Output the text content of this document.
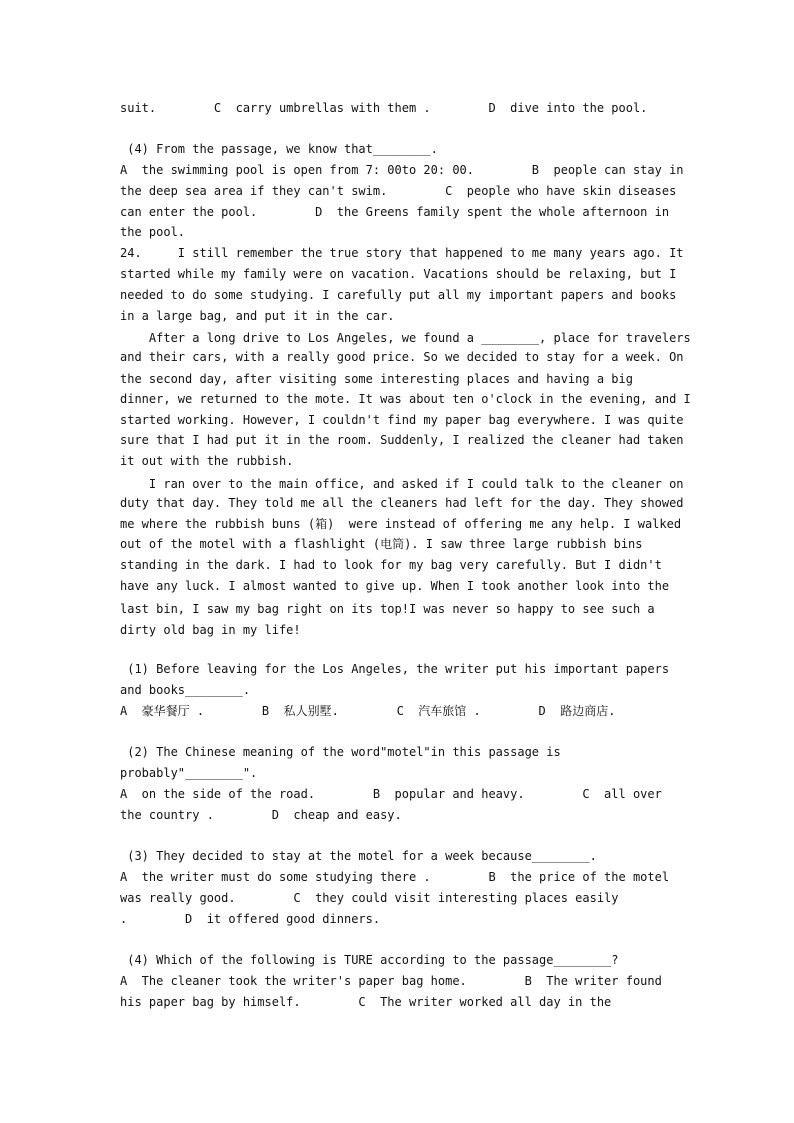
suit.        C  carry umbrellas with them .        D  dive into the pool.
(4) From the passage, we know that________.
A  the swimming pool is open from 7: 00to 20: 00.        B  people can stay in
the deep sea area if they can't swim.        C  people who have skin diseases
can enter the pool.        D  the Greens family spent the whole afternoon in
the pool.
24.     I still remember the true story that happened to me many years ago. It
started while my family were on vacation. Vacations should be relaxing, but I
needed to do some studying. I carefully put all my important papers and books
in a large bag, and put it in the car.
After a long drive to Los Angeles, we found a ________, place for travelers
and their cars, with a really good price. So we decided to stay for a week. On
the second day, after visiting some interesting places and having a big
dinner, we returned to the mote. It was about ten o'clock in the evening, and I
started working. However, I couldn't find my paper bag everywhere. I was quite
sure that I had put it in the room. Suddenly, I realized the cleaner had taken
it out with the rubbish.
I ran over to the main office, and asked if I could talk to the cleaner on
duty that day. They told me all the cleaners had left for the day. They showed
me where the rubbish buns (箱)  were instead of offering me any help. I walked
out of the motel with a flashlight (电筒). I saw three large rubbish bins
standing in the dark. I had to look for my bag very carefully. But I didn't
have any luck. I almost wanted to give up. When I took another look into the
last bin, I saw my bag right on its top!I was never so happy to see such a
dirty old bag in my life!
(1) Before leaving for the Los Angeles, the writer put his important papers
and books________.
A  豪华餐厅 .        B  私人别墅.        C  汽车旅馆 .        D  路边商店.
(2) The Chinese meaning of the word"motel"in this passage is
probably"________".
A  on the side of the road.        B  popular and heavy.        C  all over
the country .        D  cheap and easy.
(3) They decided to stay at the motel for a week because________.
A  the writer must do some studying there .        B  the price of the motel
was really good.        C  they could visit interesting places easily
.        D  it offered good dinners.
(4) Which of the following is TURE according to the passage________?
A  The cleaner took the writer's paper bag home.        B  The writer found
his paper bag by himself.        C  The writer worked all day in the
